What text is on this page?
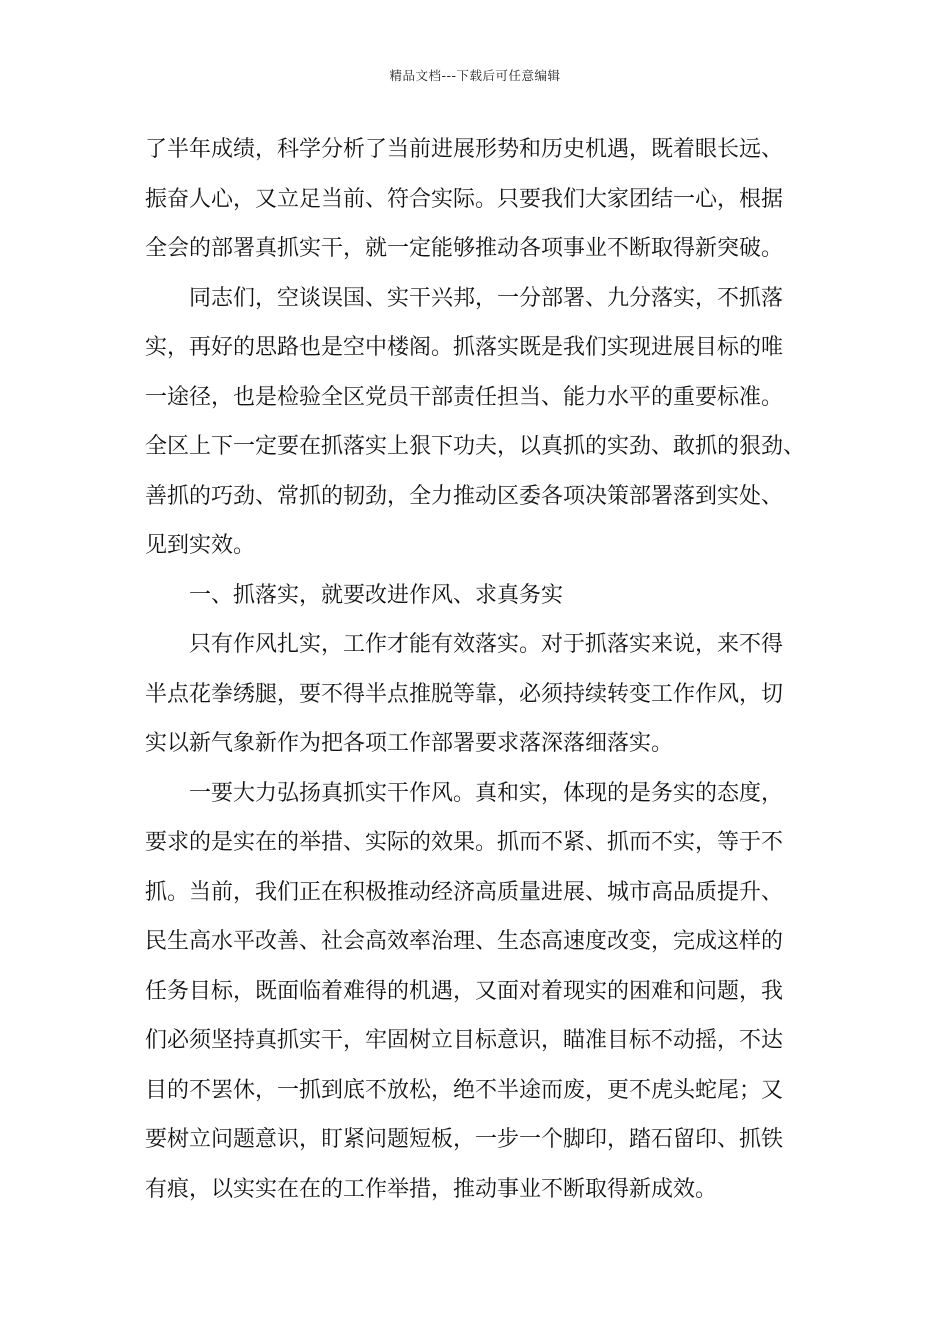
精品文档---下载后可任意编辑
了半年成绩，科学分析了当前进展形势和历史机遇，既着眼长远、
振奋人心，又立足当前、符合实际。只要我们大家团结一心，根据
全会的部署真抓实干，就一定能够推动各项事业不断取得新突破。
同志们，空谈误国、实干兴邦，一分部署、九分落实，不抓落
实，再好的思路也是空中楼阁。抓落实既是我们实现进展目标的唯
一途径，也是检验全区党员干部责任担当、能力水平的重要标准。
全区上下一定要在抓落实上狠下功夫，以真抓的实劲、敢抓的狠劲、
善抓的巧劲、常抓的韧劲，全力推动区委各项决策部署落到实处、
见到实效。
一、抓落实，就要改进作风、求真务实
只有作风扎实，工作才能有效落实。对于抓落实来说，来不得
半点花拳绣腿，要不得半点推脱等靠，必须持续转变工作作风，切
实以新气象新作为把各项工作部署要求落深落细落实。
一要大力弘扬真抓实干作风。真和实，体现的是务实的态度，
要求的是实在的举措、实际的效果。抓而不紧、抓而不实，等于不
抓。当前，我们正在积极推动经济高质量进展、城市高品质提升、
民生高水平改善、社会高效率治理、生态高速度改变，完成这样的
任务目标，既面临着难得的机遇，又面对着现实的困难和问题，我
们必须坚持真抓实干，牢固树立目标意识，瞄准目标不动摇，不达
目的不罢休，一抓到底不放松，绝不半途而废，更不虎头蛇尾；又
要树立问题意识，盯紧问题短板，一步一个脚印，踏石留印、抓铁
有痕，以实实在在的工作举措，推动事业不断取得新成效。
